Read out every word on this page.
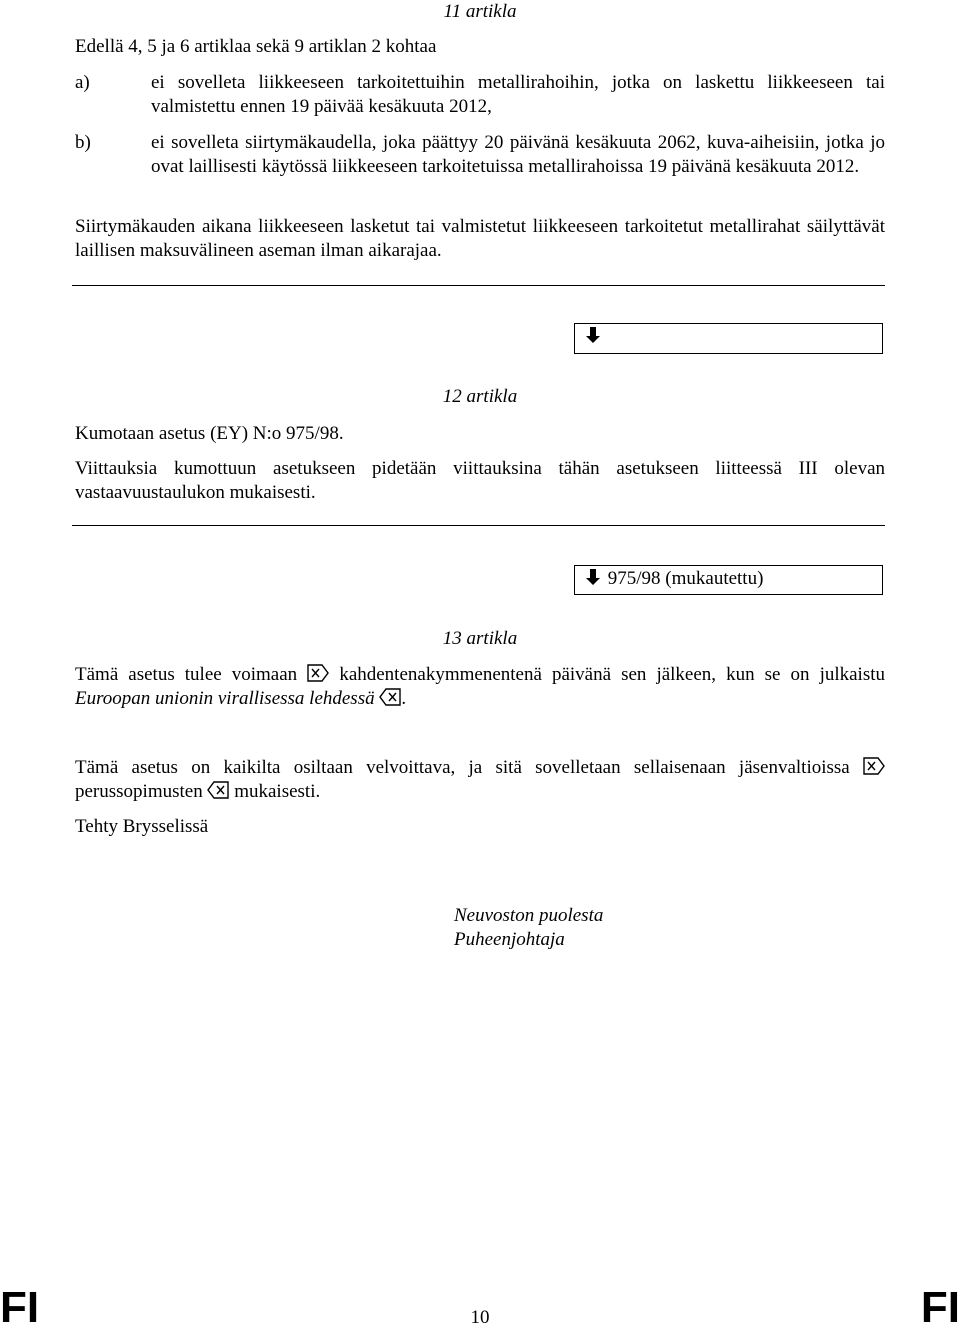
11 artikla

Edellä 4, 5 ja 6 artiklaa sekä 9 artiklan 2 kohtaa

a)	ei sovelleta liikkeeseen tarkoitettuihin metallirahoihin, jotka on laskettu liikkeeseen tai valmistettu ennen 19 päivää kesäkuuta 2012,
b)	ei sovelleta siirtymäkaudella, joka päättyy 20 päivänä kesäkuuta 2062, kuva-aiheisiin, jotka jo ovat laillisesti käytössä liikkeeseen tarkoitetuissa metallirahoissa 19 päivänä kesäkuuta 2012.

Siirtymäkauden aikana liikkeeseen lasketut tai valmistetut liikkeeseen tarkoitetut metallirahat säilyttävät laillisen maksuvälineen aseman ilman aikarajaa.

12 artikla

Kumotaan asetus (EY) N:o 975/98.

Viittauksia kumottuun asetukseen pidetään viittauksina tähän asetukseen liitteessä III olevan vastaavuustaulukon mukaisesti.

975/98 (mukautettu)
13 artikla

Tämä asetus tulee voimaan kahdentenakymmenentenä päivänä sen jälkeen, kun se on julkaistu Euroopan unionin virallisessa lehdessä .

Tämä asetus on kaikilta osiltaan velvoittava, ja sitä sovelletaan sellaisenaan jäsenvaltioissa  perussopimusten mukaisesti.

Tehty Brysselissä

Neuvoston puolesta
Puheenjohtaja
FI	10	FI
